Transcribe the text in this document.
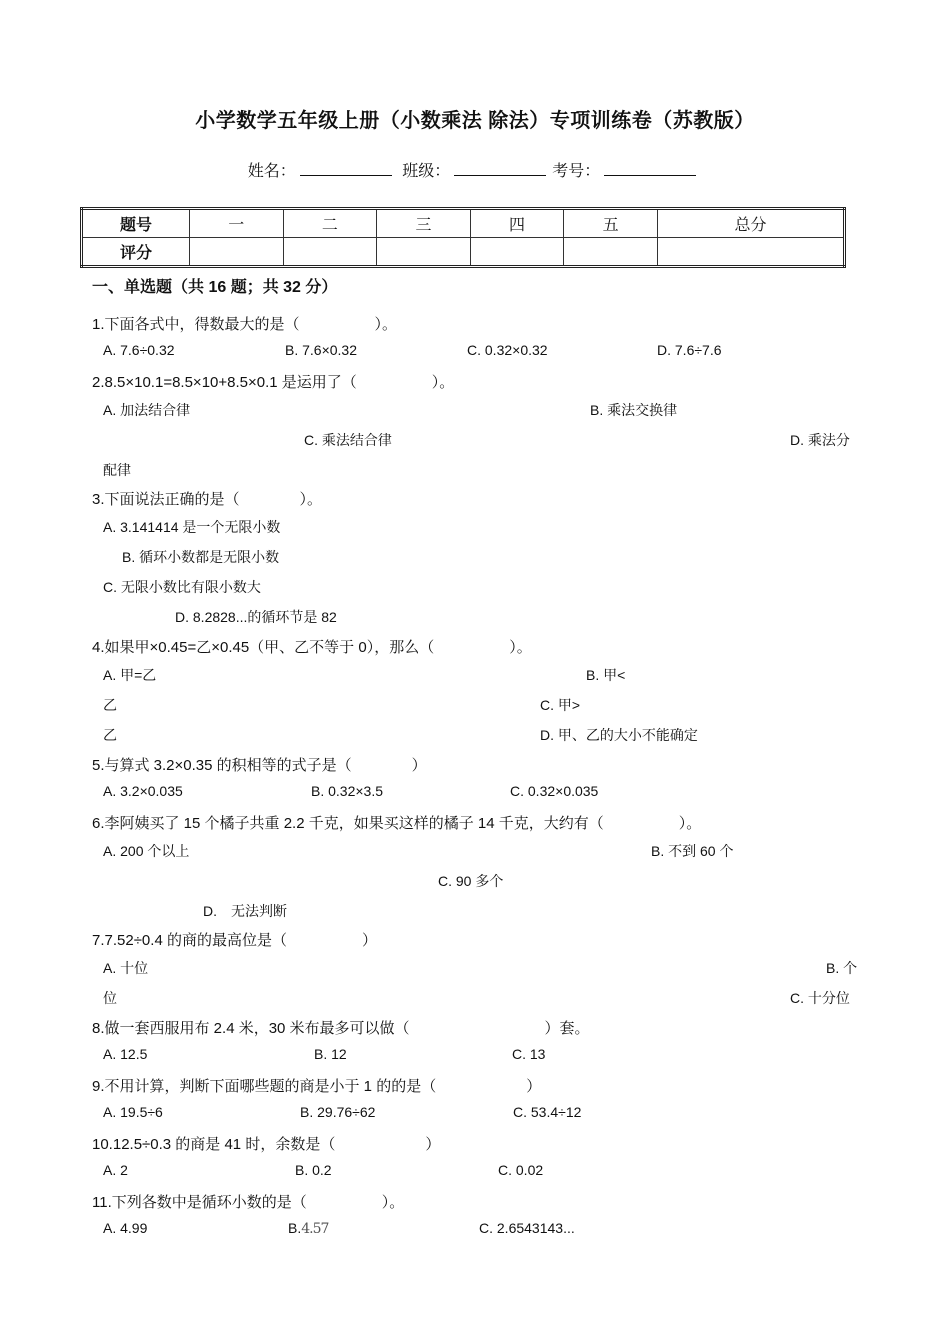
小学数学五年级上册（小数乘法 除法）专项训练卷（苏教版）
姓名：	班级：	考号：
题号	一	二	三	四	五	总分
评分						
一、单选题（共 16 题；共 32 分）
1.下面各式中，得数最大的是（　　　　　）。
A. 7.6÷0.32	B. 7.6×0.32	C. 0.32×0.32	D. 7.6÷7.6
2.8.5×10.1=8.5×10+8.5×0.1 是运用了（　　　　　）。
A. 加法结合律	B. 乘法交换律
C. 乘法结合律	D. 乘法分
配律
3.下面说法正确的是（　　　　）。
A. 3.141414 是一个无限小数
B. 循环小数都是无限小数
C. 无限小数比有限小数大
D. 8.2828...的循环节是 82
4.如果甲×0.45=乙×0.45（甲、乙不等于 0），那么（　　　　　）。
A. 甲=乙	B. 甲<
乙	C. 甲>
乙	D. 甲、乙的大小不能确定
5.与算式 3.2×0.35 的积相等的式子是（　　　　）
A. 3.2×0.035	B. 0.32×3.5	C. 0.32×0.035
6.李阿姨买了 15 个橘子共重 2.2 千克，如果买这样的橘子 14 千克，大约有（　　　　　）。
A. 200 个以上	B. 不到 60 个
C. 90 多个
D.　无法判断
7.7.52÷0.4 的商的最高位是（　　　　　）
A. 十位	B. 个
位	C. 十分位
8.做一套西服用布 2.4 米，30 米布最多可以做（　　　　　　　　　）套。
A. 12.5	B. 12	C. 13
9.不用计算，判断下面哪些题的商是小于 1 的的是（　　　　　　）
A. 19.5÷6	B. 29.76÷62	C. 53.4÷12
10.12.5÷0.3 的商是 41 时，余数是（　　　　　　）
A. 2	B. 0.2	C. 0.02
11.下列各数中是循环小数的是（　　　　　）。
A. 4.99	B.4.57	C. 2.6543143...
